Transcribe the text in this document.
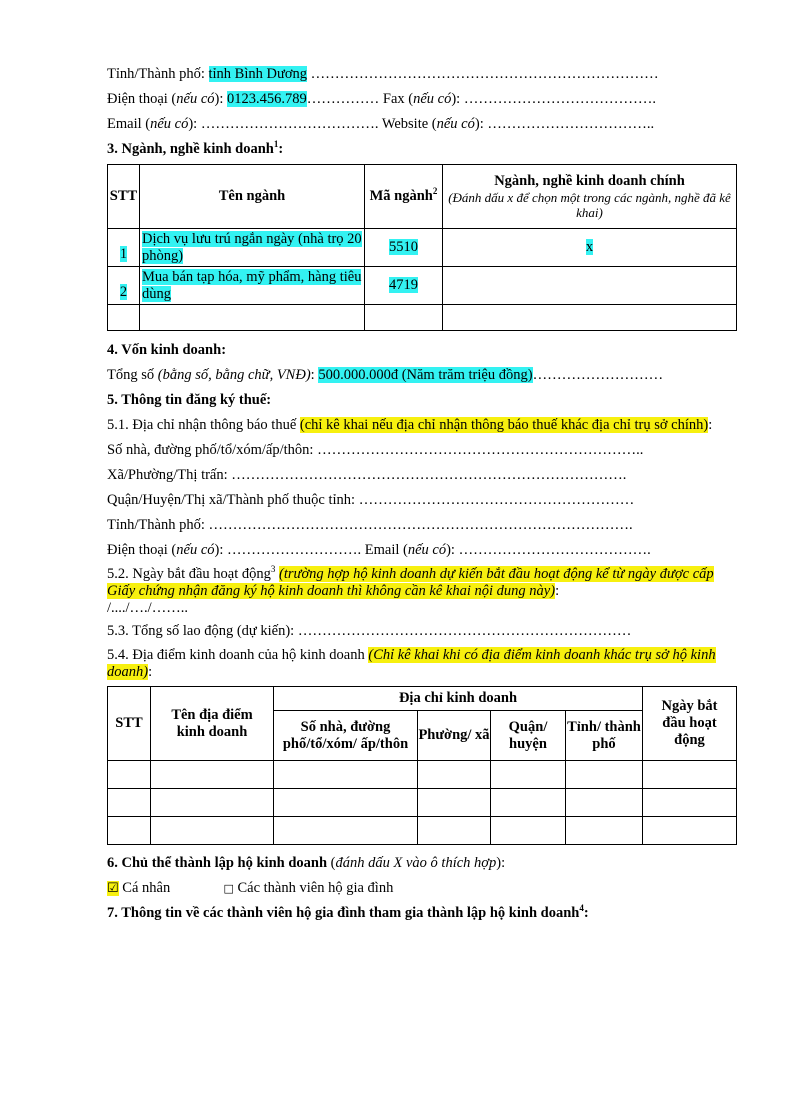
Tỉnh/Thành phố: tỉnh Bình Dương ………………………………………………………………
Điện thoại (nếu có): 0123.456.789…………… Fax (nếu có): ………………………………….
Email (nếu có): ………………………………. Website (nếu có): ……………………………..
3. Ngành, nghề kinh doanh$^1$:
STT	Tên ngành	Mã ngành$^2$	Ngành, nghề kinh doanh chính
(Đánh dấu x để chọn một trong các ngành, nghề đã kê khai)

1	Dịch vụ lưu trú ngắn ngày (nhà trọ 20 phòng)	5510	x
2	Mua bán tạp hóa, mỹ phẩm, hàng tiêu dùng	4719	

4. Vốn kinh doanh:
Tổng số (bằng số, bằng chữ, VNĐ): 500.000.000đ (Năm trăm triệu đồng)………………………
5. Thông tin đăng ký thuế:
5.1. Địa chỉ nhận thông báo thuế (chỉ kê khai nếu địa chỉ nhận thông báo thuế khác địa chỉ trụ sở chính):
Số nhà, đường phố/tổ/xóm/ấp/thôn: …………………………………………………………..
Xã/Phường/Thị trấn: ……………………………………………………………………….
Quận/Huyện/Thị xã/Thành phố thuộc tỉnh: …………………………………………………
Tỉnh/Thành phố: …………………………………………………………………………….
Điện thoại (nếu có): ………………………. Email (nếu có): ………………………………….
5.2. Ngày bắt đầu hoạt động$^3$ (trường hợp hộ kinh doanh dự kiến bắt đầu hoạt động kể từ ngày được cấp Giấy chứng nhận đăng ký hộ kinh doanh thì không cần kê khai nội dung này):
/..../…./……..
5.3. Tổng số lao động (dự kiến): ……………………………………………………………
5.4. Địa điểm kinh doanh của hộ kinh doanh (Chỉ kê khai khi có địa điểm kinh doanh khác trụ sở hộ kinh doanh):
STT	Tên địa điểm kinh doanh	Địa chỉ kinh doanh				Ngày bắt đầu hoạt động
		Số nhà, đường phố/tổ/xóm/ ấp/thôn	Phường/ xã	Quận/ huyện	Tỉnh/ thành phố	

6. Chủ thể thành lập hộ kinh doanh (đánh dấu X vào ô thích hợp):
☑ Cá nhân	□ Các thành viên hộ gia đình
7. Thông tin về các thành viên hộ gia đình tham gia thành lập hộ kinh doanh$^4$:
